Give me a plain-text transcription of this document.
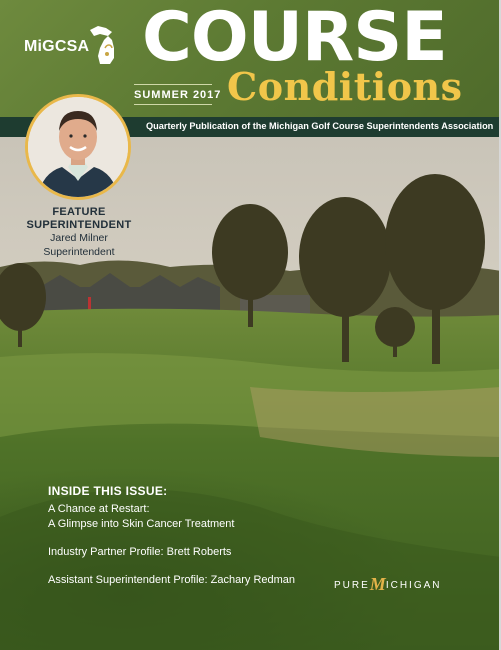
MiGCSA COURSE
SUMMER 2017 Conditions
Quarterly Publication of the Michigan Golf Course Superintendents Association
FEATURE
SUPERINTENDENT
Jared Milner
Superintendent
INSIDE THIS ISSUE:
A Chance at Restart:
A Glimpse into Skin Cancer Treatment
Industry Partner Profile: Brett Roberts
Assistant Superintendent Profile: Zachary Redman	PUREMICHIGAN
